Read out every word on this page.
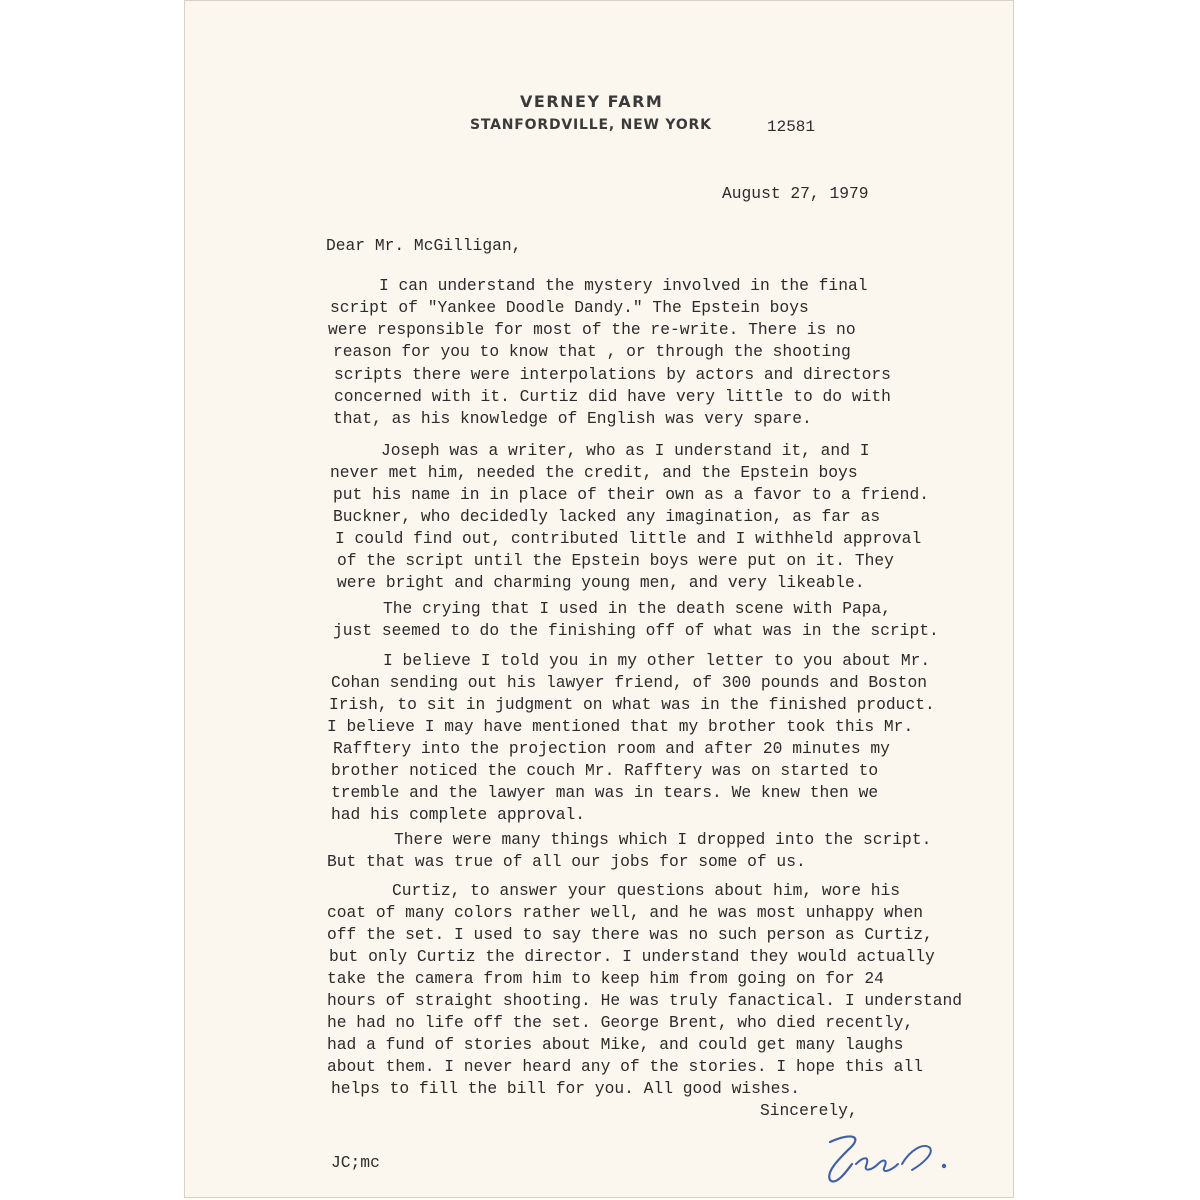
VERNEY FARM
STANFORDVILLE, NEW YORK	12581
August 27, 1979
Dear Mr. McGilligan,
I can understand the mystery involved in the final
script of "Yankee Doodle Dandy." The Epstein boys
were responsible for most of the re-write. There is no
reason for you to know that , or through the shooting
scripts there were interpolations by actors and directors
concerned with it. Curtiz did have very little to do with
that, as his knowledge of English was very spare.
Joseph was a writer, who as I understand it, and I
never met him, needed the credit, and the Epstein boys
put his name in in place of their own as a favor to a friend.
Buckner, who decidedly lacked any imagination, as far as
I could find out, contributed little and I withheld approval
of the script until the Epstein boys were put on it. They
were bright and charming young men, and very likeable.
The crying that I used in the death scene with Papa,
just seemed to do the finishing off of what was in the script.
I believe I told you in my other letter to you about Mr.
Cohan sending out his lawyer friend, of 300 pounds and Boston
Irish, to sit in judgment on what was in the finished product.
I believe I may have mentioned that my brother took this Mr.
Rafftery into the projection room and after 20 minutes my
brother noticed the couch Mr. Rafftery was on started to
tremble and the lawyer man was in tears. We knew then we
had his complete approval.
There were many things which I dropped into the script.
But that was true of all our jobs for some of us.
Curtiz, to answer your questions about him, wore his
coat of many colors rather well, and he was most unhappy when
off the set. I used to say there was no such person as Curtiz,
but only Curtiz the director. I understand they would actually
take the camera from him to keep him from going on for 24
hours of straight shooting. He was truly fanactical. I understand
he had no life off the set. George Brent, who died recently,
had a fund of stories about Mike, and could get many laughs
about them. I never heard any of the stories. I hope this all
helps to fill the bill for you. All good wishes.
Sincerely,
JC;mc
